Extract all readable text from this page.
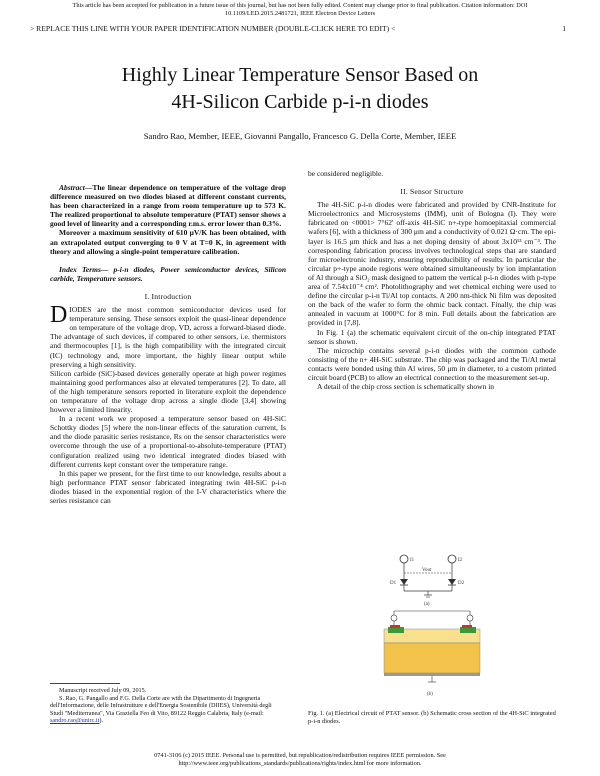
This article has been accepted for publication in a future issue of this journal, but has not been fully edited. Content may change prior to final publication. Citation information: DOI
10.1109/LED.2015.2481721, IEEE Electron Device Letters
> REPLACE THIS LINE WITH YOUR PAPER IDENTIFICATION NUMBER (DOUBLE-CLICK HERE TO EDIT) <	1
Highly Linear Temperature Sensor Based on
4H-Silicon Carbide p-i-n diodes
Sandro Rao, Member, IEEE, Giovanni Pangallo, Francesco G. Della Corte, Member, IEEE

Abstract—The linear dependence on temperature of the voltage drop difference measured on two diodes biased at different constant currents, has been characterized in a range from room temperature up to 573 K. The realized proportional to absolute temperature (PTAT) sensor shows a good level of linearity and a corresponding r.m.s. error lower than 0.3%.

Moreover a maximum sensitivity of 610 μV/K has been obtained, with an extrapolated output converging to 0 V at T=0 K, in agreement with theory and allowing a single-point temperature calibration.

Index Terms— p-i-n diodes, Power semiconductor devices, Silicon carbide, Temperature sensors.

I. Introduction

DIODES are the most common semiconductor devices used for temperature sensing. These sensors exploit the quasi-linear dependence on temperature of the voltage drop, VD, across a forward-biased diode. The advantage of such devices, if compared to other sensors, i.e. thermistors and thermocouples [1], is the high compatibility with the integrated circuit (IC) technology and, more important, the highly linear output while preserving a high sensitivity.

Silicon carbide (SiC)-based devices generally operate at high power regimes maintaining good performances also at elevated temperatures [2]. To date, all of the high temperature sensors reported in literature exploit the dependence on temperature of the voltage drop across a single diode [3,4] showing however a limited linearity.

In a recent work we proposed a temperature sensor based on 4H-SiC Schottky diodes [5] where the non-linear effects of the saturation current, Is and the diode parasitic series resistance, Rs on the sensor characteristics were overcome through the use of a proportional-to-absolute-temperature (PTAT) configuration realized using two identical integrated diodes biased with different currents kept constant over the temperature range.

In this paper we present, for the first time to our knowledge, results about a high performance PTAT sensor fabricated integrating twin 4H-SiC p-i-n diodes biased in the exponential region of the I-V characteristics where the series resistance can

Manuscript received July 09, 2015.

S. Rao, G. Pangallo and F.G. Della Corte are with the Dipartimento di Ingegneria dell'Informazione, delle Infrastrutture e dell'Energia Sostenibile (DIIES), Università degli Studi "Mediterranea", Via Graziella Feo di Vito, 89122 Reggio Calabria, Italy (e-mail: sandro.rao@unirc.it).

be considered negligible.

II. Sensor Structure

The 4H-SiC p-i-n diodes were fabricated and provided by CNR-Institute for Microelectronics and Microsystems (IMM), unit of Bologna (I). They were fabricated on <0001> 7°62' off-axis 4H-SiC n+-type homoepitaxial commercial wafers [6], with a thickness of 300 μm and a conductivity of 0.021 Ω·cm. The epi-layer is 16.5 μm thick and has a net doping density of about 3x10¹³ cm⁻³. The corresponding fabrication process involves technological steps that are standard for microelectronic industry, ensuring reproducibility of results. In particular the circular p+-type anode regions were obtained simultaneously by ion implantation of Al through a SiO₂ mask designed to pattern the vertical p-i-n diodes with p-type area of 7.54x10⁻⁴ cm². Photolithography and wet chemical etching were used to define the circular p-i-n Ti/Al top contacts. A 200 nm-thick Ni film was deposited on the back of the wafer to form the ohmic back contact. Finally, the chip was annealed in vacuum at 1000°C for 8 min. Full details about the fabrication are provided in [7,8].

In Fig. 1 (a) the schematic equivalent circuit of the on-chip integrated PTAT sensor is shown.

The microchip contains several p-i-n diodes with the common cathode consisting of the n+ 4H-SiC substrate. The chip was packaged and the Ti/Al metal contacts were bonded using thin Al wires, 50 μm in diameter, to a custom printed circuit board (PCB) to allow an electrical connection to the measurement set-up.

A detail of the chip cross section is schematically shown in

I1	I2
Vout
D1	D2
(a)
(b)
Fig. 1. (a) Electrical circuit of PTAT sensor. (b) Schematic cross section of the 4H-SiC integrated p-i-n diodes.
0741-3106 (c) 2015 IEEE. Personal use is permitted, but republication/redistribution requires IEEE permission. See
http://www.ieee.org/publications_standards/publications/rights/index.html for more information.
